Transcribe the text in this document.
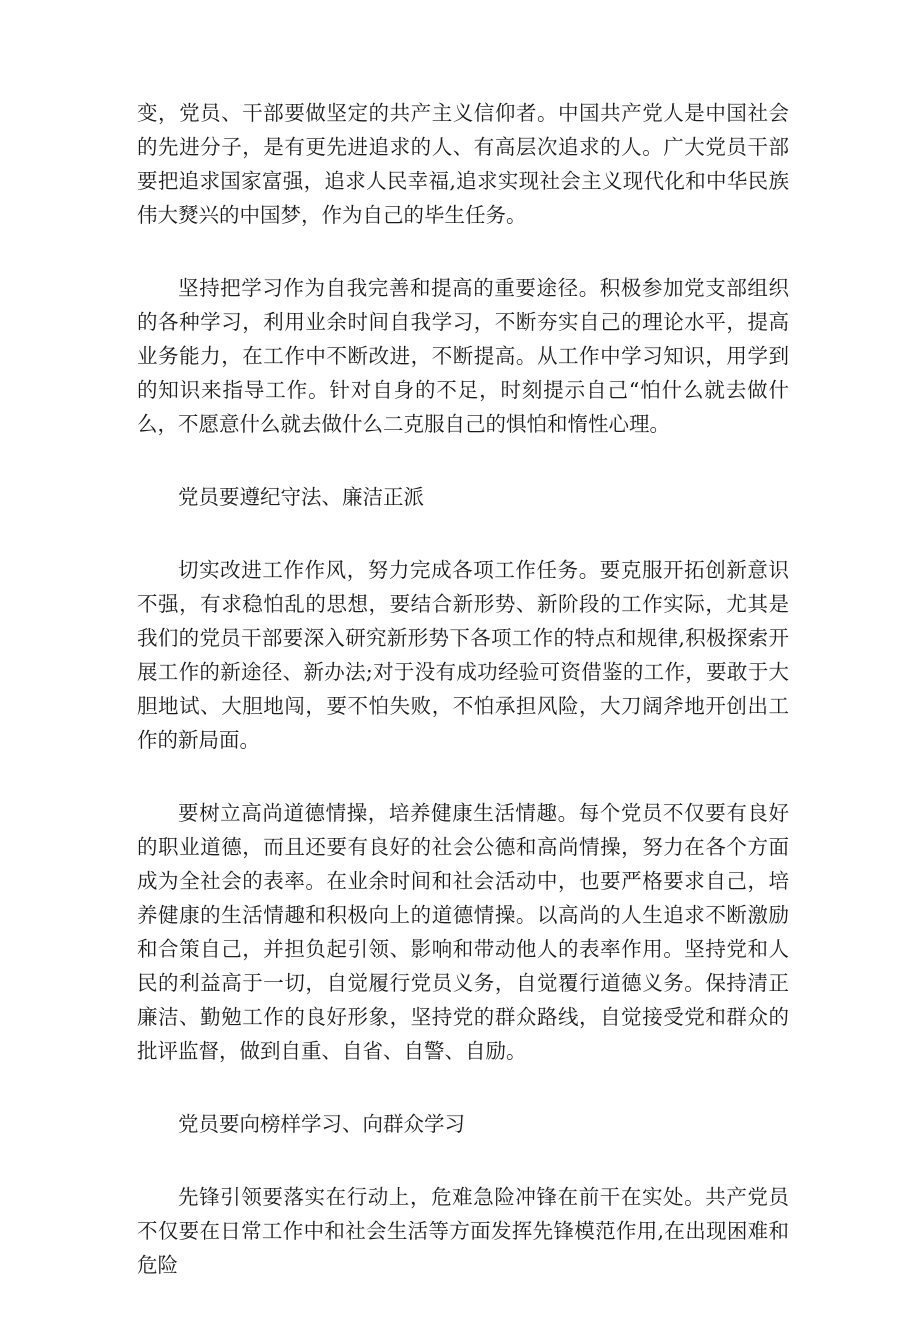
变，党员、干部要做坚定的共产主义信仰者。中国共产党人是中国社会的先进分子，是有更先进追求的人、有高层次追求的人。广大党员干部要把追求国家富强，追求人民幸福,追求实现社会主义现代化和中华民族伟大燹兴的中国梦，作为自己的毕生任务。

坚持把学习作为自我完善和提高的重要途径。积极参加党支部组织的各种学习，利用业余时间自我学习，不断夯实自己的理论水平，提高业务能力，在工作中不断改进，不断提高。从工作中学习知识，用学到的知识来指导工作。针对自身的不足，时刻提示自己“怕什么就去做什么，不愿意什么就去做什么二克服自己的惧怕和惰性心理。

党员要遵纪守法、廉洁正派

切实改进工作作风，努力完成各项工作任务。要克服开拓创新意识不强，有求稳怕乱的思想，要结合新形势、新阶段的工作实际，尤其是我们的党员干部要深入研究新形势下各项工作的特点和规律,积极探索开展工作的新途径、新办法;对于没有成功经验可资借鉴的工作，要敢于大胆地试、大胆地闯，要不怕失败，不怕承担风险，大刀阔斧地开创出工作的新局面。

要树立高尚道德情操，培养健康生活情趣。每个党员不仅要有良好的职业道德，而且还要有良好的社会公德和高尚情操，努力在各个方面成为全社会的表率。在业余时间和社会活动中，也要严格要求自己，培养健康的生活情趣和积极向上的道德情操。以高尚的人生追求不断激励和合策自己，并担负起引领、影响和带动他人的表率作用。坚持党和人民的利益高于一切，自觉履行党员义务，自觉覆行道德义务。保持清正廉洁、勤勉工作的良好形象，坚持党的群众路线，自觉接受党和群众的批评监督，做到自重、自省、自警、自励。

党员要向榜样学习、向群众学习

先锋引领要落实在行动上，危难急险冲锋在前干在实处。共产党员不仅要在日常工作中和社会生活等方面发挥先锋模范作用,在出现困难和危险
